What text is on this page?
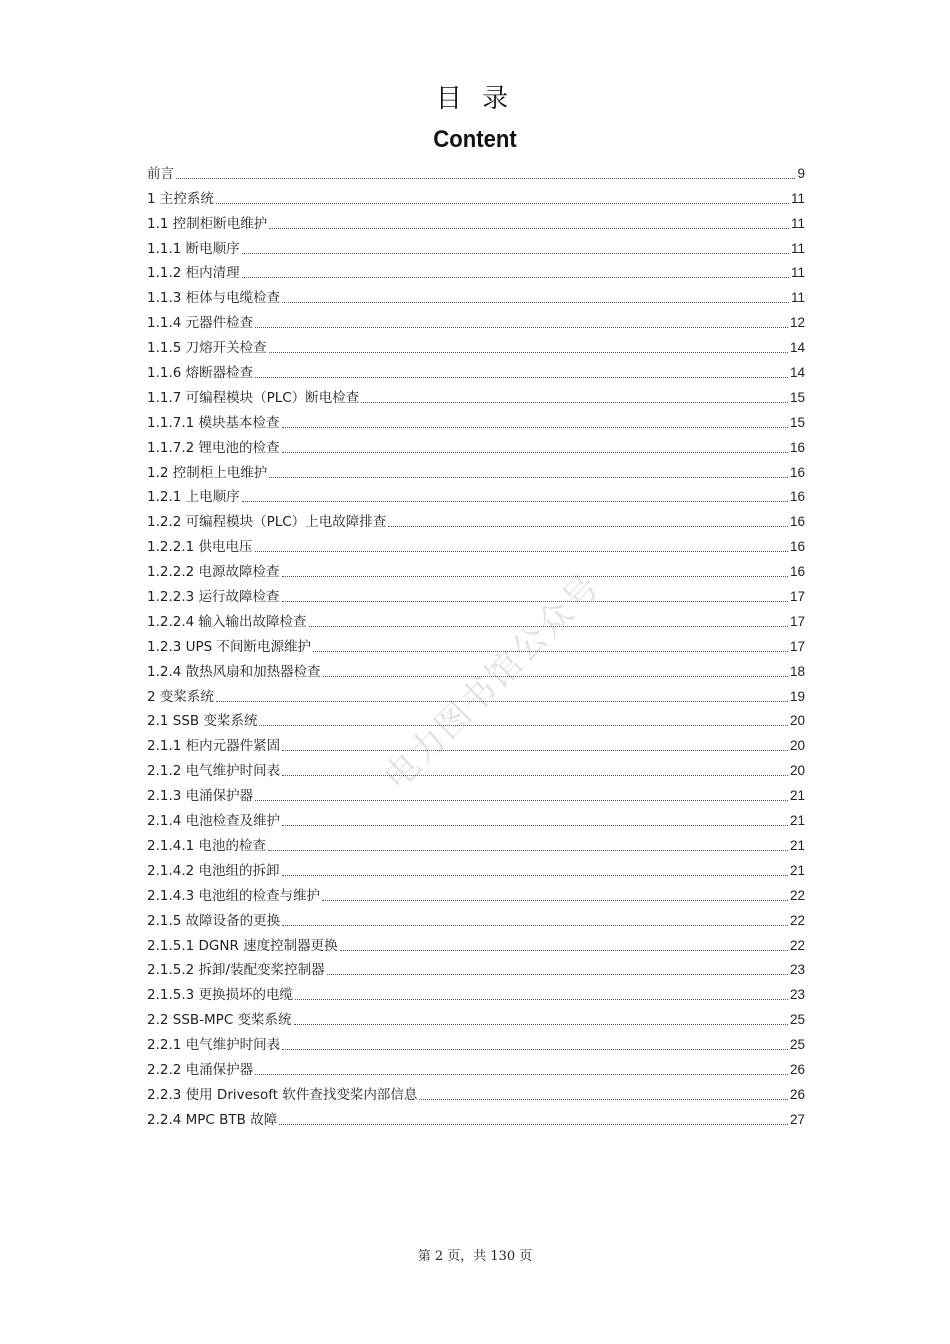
目 录
Content
前言	9
1 主控系统	11
1.1 控制柜断电维护	11
1.1.1 断电顺序	11
1.1.2 柜内清理	11
1.1.3 柜体与电缆检查	11
1.1.4 元器件检查	12
1.1.5 刀熔开关检查	14
1.1.6 熔断器检查	14
1.1.7 可编程模块（PLC）断电检查	15
1.1.7.1 模块基本检查	15
1.1.7.2 锂电池的检查	16
1.2 控制柜上电维护	16
1.2.1 上电顺序	16
1.2.2 可编程模块（PLC）上电故障排查	16
1.2.2.1 供电电压	16
1.2.2.2 电源故障检查	16
1.2.2.3 运行故障检查	17
1.2.2.4 输入输出故障检查	17
1.2.3 UPS 不间断电源维护	17
1.2.4 散热风扇和加热器检查	18
2 变桨系统	19
2.1 SSB 变桨系统	20
2.1.1 柜内元器件紧固	20
2.1.2 电气维护时间表	20
2.1.3 电涌保护器	21
2.1.4 电池检查及维护	21
2.1.4.1 电池的检查	21
2.1.4.2 电池组的拆卸	21
2.1.4.3 电池组的检查与维护	22
2.1.5 故障设备的更换	22
2.1.5.1 DGNR 速度控制器更换	22
2.1.5.2 拆卸/装配变桨控制器	23
2.1.5.3 更换损坏的电缆	23
2.2 SSB-MPC 变桨系统	25
2.2.1 电气维护时间表	25
2.2.2 电涌保护器	26
2.2.3 使用 Drivesoft 软件查找变桨内部信息	26
2.2.4 MPC BTB 故障	27
电力图书馆公众号
第 2 页，共 130 页
